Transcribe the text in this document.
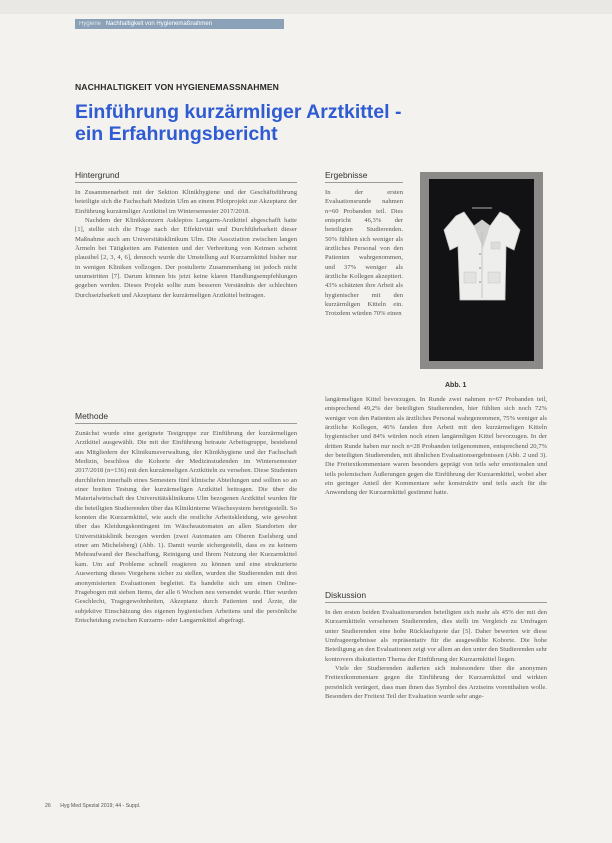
Hygiene Nachhaltigkeit von Hygienemaßnahmen
NACHHALTIGKEIT VON HYGIENEMASSNAHMEN
Einführung kurzärmliger Arztkittel - ein Erfahrungsbericht
Hintergrund

In Zusammenarbeit mit der Sektion Klinikhygiene und der Geschäftsführung beteiligte sich die Fachschaft Medizin Ulm an einem Pilotprojekt zur Akzeptanz der Einführung kurzärmliger Arztkittel im Wintersemester 2017/2018.

Nachdem der Klinikkonzern Asklepios Langarm-Arztkittel abgeschafft hatte [1], stellte sich die Frage nach der Effektivität und Durchführbarkeit dieser Maßnahme auch am Universitätsklinikum Ulm. Die Assoziation zwischen langen Ärmeln bei Tätigkeiten am Patienten und der Verbreitung von Keimen scheint plausibel [2, 3, 4, 6], dennoch wurde die Umstellung auf Kurzarmkittel bisher nur in wenigen Kliniken vollzogen. Der postulierte Zusammenhang ist jedoch nicht unumstritten [7]. Darum können bis jetzt keine klaren Handlungsempfehlungen gegeben werden. Dieses Projekt sollte zum besseren Verständnis der schlechten Durchsetzbarkeit und Akzeptanz der kurzärmeligen Arztkittel beitragen.

Methode

Zunächst wurde eine geeignete Testgruppe zur Einführung der kurzärmeligen Arztkittel ausgewählt. Die mit der Einführung betraute Arbeitsgruppe, bestehend aus Mitgliedern der Klinikumsverwaltung, der Klinikhygiene und der Fachschaft Medizin, beschloss die Kohorte der Medizinstudenden im Wintersemester 2017/2018 (n=136) mit den kurzärmeligen Arztkitteln zu versehen. Diese Studenten durchliefen innerhalb eines Semesters fünf klinische Abteilungen und sollten so an einer breiten Testung der kurzärmeligen Arztkittel beitragen. Die über die Materialwirtschaft des Universitätsklinikums Ulm bezogenen Arztkittel wurden für die beteiligten Studierenden über das Klinikinterne Wäschesystem bereitgestellt. So konnten die Kurzarmkittel, wie auch die restliche Arbeitskleidung, wie gewohnt über das Kleidungskontingent im Wäscheautomaten an allen Standorten der Universitätsklinik bezogen werden (zwei Automaten am Oberen Eselsberg und einer am Michelsberg) (Abb. 1). Damit wurde sichergestellt, dass es zu keinem Mehraufwand der Beschaffung, Reinigung und Ihrem Nutzung der Kurzarmkittel kam. Um auf Probleme schnell reagieren zu können und eine strukturierte Auswertung dieses Vorgehens sicher zu stellen, wurden die Studierenden mit drei anonymisierten Evaluationen begleitet. Es handelte sich um einen Online-Fragebogen mit sieben Items, der alle 6 Wochen neu versendet wurde. Hier wurden Geschlecht, Tragegewohnheiten, Akzeptanz durch Patienten und Ärzte, die subjektive Einschätzung des eigenen hygienischen Arbeitens und die persönliche Entscheidung zwischen Kurzarm- oder Langarmkittel abgefragt.

Ergebnisse

In der ersten Evaluationsrunde nahmen n=60 Probanden teil. Dies entspricht 46,3% der beteiligten Studierenden. 50% fühlten sich weniger als ärztliches Personal von den Patienten wahrgenommen, und 37% weniger als ärztliche Kollegen akzeptiert. 43% schätzten ihre Arbeit als hygienischer mit den kurzärmligen Kitteln ein. Trotzdem würden 70% einen

Abb. 1

langärmeligen Kittel bevorzugen. In Runde zwei nahmen n=67 Probanden teil, entsprechend 49,2% der beteiligten Studierenden, hier fühlten sich noch 72% weniger von den Patienten als ärztliches Personal wahrgenommen, 75% weniger als ärztliche Kollegen, 46% fanden ihre Arbeit mit den kurzärmeligen Kitteln hygienischer und 84% würden noch einen langärmligen Kittel bevorzugen. In der dritten Runde haben nur noch n=28 Probanden teilgenommen, entsprechend 20,7% der beteiligten Studierenden, mit ähnlichen Evaluationsergebnissen (Abb. 2 und 3). Die Freitextkommentare waren besonders geprägt von teils sehr emotionalen und teils polemischen Äußerungen gegen die Einführung der Kurzarmkittel, wobei aber ein geringer Anteil der Kommentare sehr konstruktiv und teils auch für die Anwendung der Kurzarmkittel gestimmt hatte.

Diskussion

In den ersten beiden Evaluationsrunden beteiligten sich mehr als 45% der mit den Kurzarmkitteln versehenen Studierenden, dies stellt im Vergleich zu Umfragen unter Studierenden eine hohe Rücklaufquote dar [5]. Daher bewerten wir diese Umfrageergebnisse als repräsentativ für die ausgewählte Kohorte. Die hohe Beteiligung an den Evaluationen zeigt vor allem an den unter den Studierenden sehr kontrovers diskutierten Thema der Einführung der Kurzarmkittel liegen.

Viele der Studierenden äußerten sich insbesondere über die anonymen Freitextkommentare gegen die Einführung der Kurzarmkittel und wirkten persönlich verärgert, dass man ihnen das Symbol des Arztseins vorenthalten wolle. Besonders der Freitext Teil der Evaluation wurde sehr ange-

26 Hyg Med Spezial 2019; 44 - Suppl.
